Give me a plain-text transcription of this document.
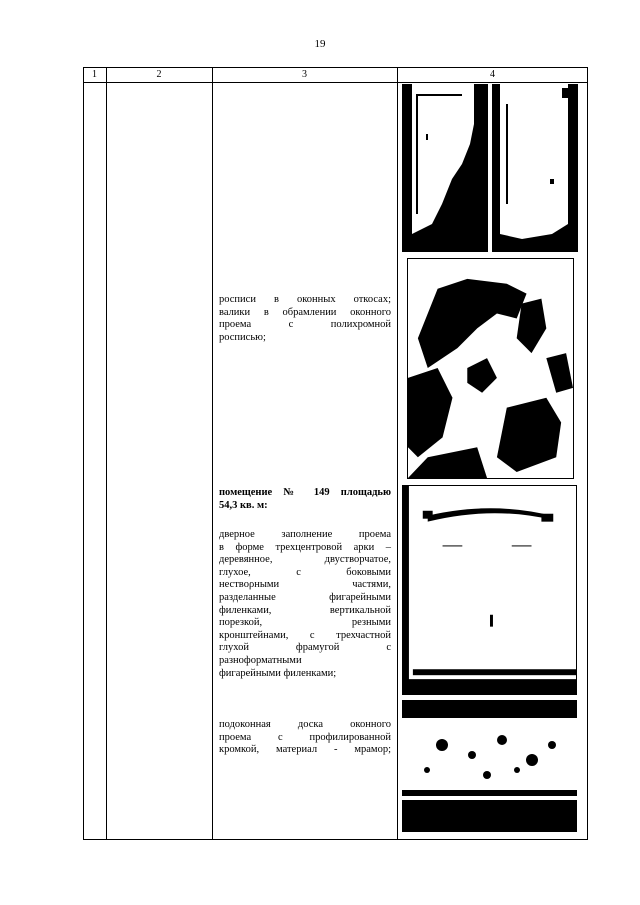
19
1	2	3	4
росписи в оконных откосах;
валики в обрамлении оконного
проема с полихромной
росписью;
помещение № 149 площадью
54,3 кв. м:
дверное заполнение проема
в форме трехцентровой арки –
деревянное, двустворчатое,
глухое, с боковыми
нествορными частями,
разделанные фигарейными
филенками, вертикальной
порезкой, резными
кронштейнами, с трехчастной
глухой фрамугой с
разноформатными
фигарейными филенками;
подоконная доска оконного
проема с профилированной
кромкой, материал - мрамор;
